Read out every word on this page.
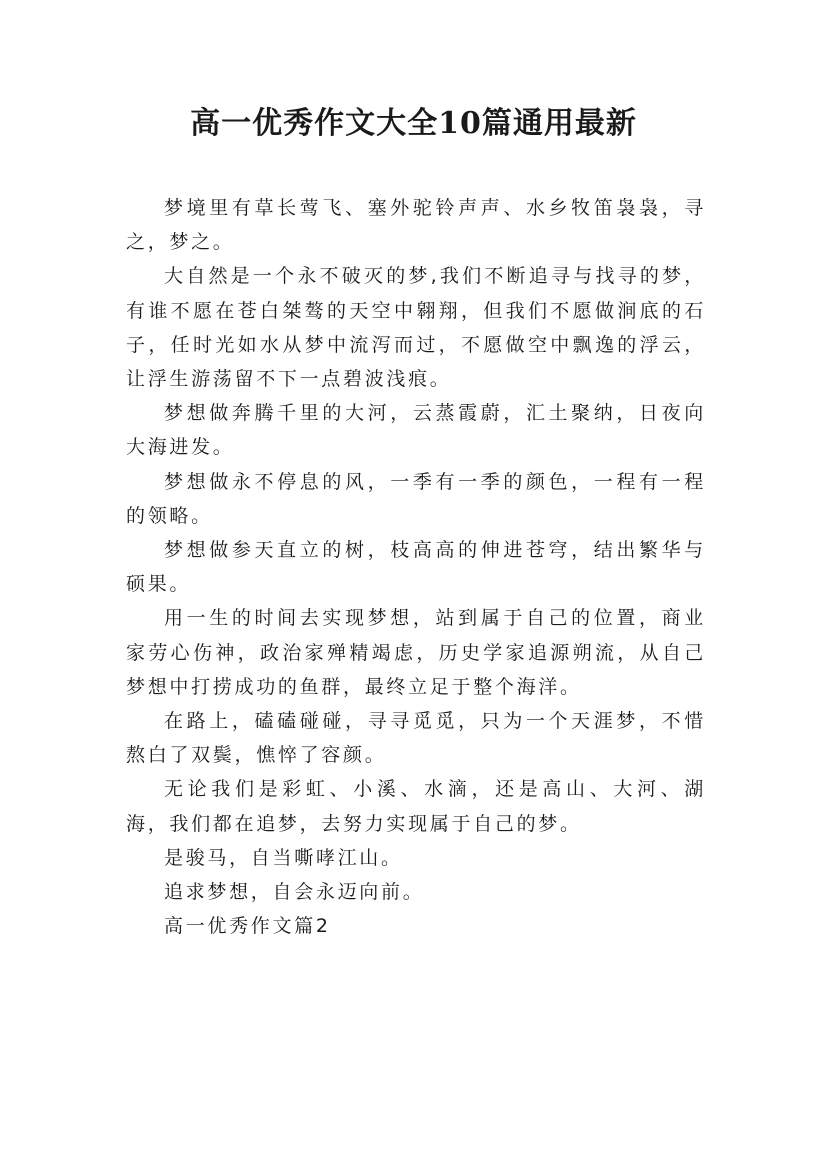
高一优秀作文大全10篇通用最新

梦境里有草长莺飞、塞外驼铃声声、水乡牧笛袅袅，寻之，梦之。

大自然是一个永不破灭的梦,我们不断追寻与找寻的梦，有谁不愿在苍白桀骜的天空中翱翔，但我们不愿做涧底的石子，任时光如水从梦中流泻而过，不愿做空中飘逸的浮云，让浮生游荡留不下一点碧波浅痕。

梦想做奔腾千里的大河，云蒸霞蔚，汇土聚纳，日夜向大海进发。

梦想做永不停息的风，一季有一季的颜色，一程有一程的领略。

梦想做参天直立的树，枝高高的伸进苍穹，结出繁华与硕果。

用一生的时间去实现梦想，站到属于自己的位置，商业家劳心伤神，政治家殚精竭虑，历史学家追源朔流，从自己梦想中打捞成功的鱼群，最终立足于整个海洋。

在路上，磕磕碰碰，寻寻觅觅，只为一个天涯梦，不惜熬白了双鬓，憔悴了容颜。

无论我们是彩虹、小溪、水滴，还是高山、大河、湖海，我们都在追梦，去努力实现属于自己的梦。

是骏马，自当嘶哮江山。

追求梦想，自会永迈向前。

高一优秀作文篇2
